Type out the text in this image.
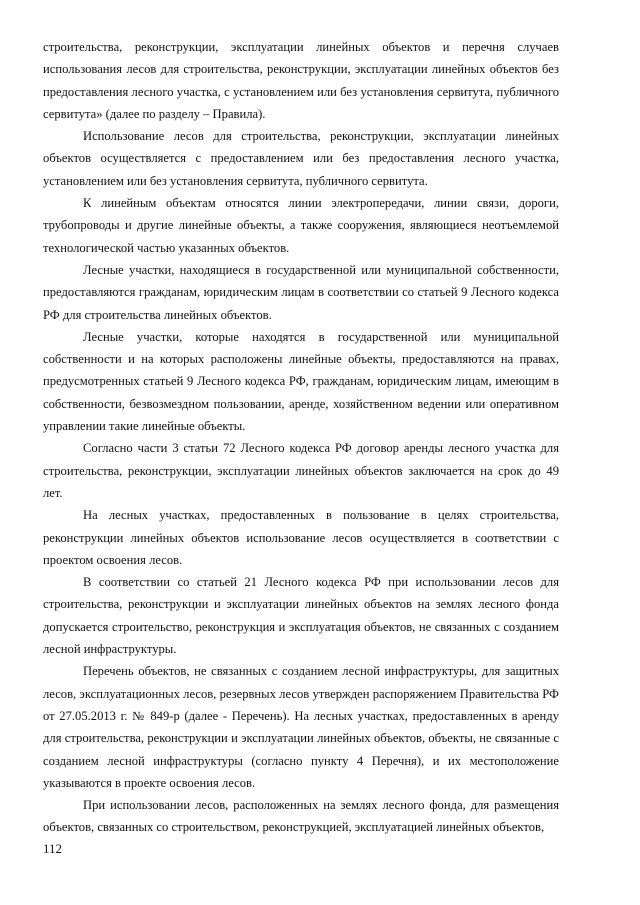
строительства, реконструкции, эксплуатации линейных объектов и перечня случаев использования лесов для строительства, реконструкции, эксплуатации линейных объектов без предоставления лесного участка, с установлением или без установления сервитута, публичного сервитута» (далее по разделу – Правила).

Использование лесов для строительства, реконструкции, эксплуатации линейных объектов осуществляется с предоставлением или без предоставления лесного участка, установлением или без установления сервитута, публичного сервитута.

К линейным объектам относятся линии электропередачи, линии связи, дороги, трубопроводы и другие линейные объекты, а также сооружения, являющиеся неотъемлемой технологической частью указанных объектов.

Лесные участки, находящиеся в государственной или муниципальной собственности, предоставляются гражданам, юридическим лицам в соответствии со статьей 9 Лесного кодекса РФ для строительства линейных объектов.

Лесные участки, которые находятся в государственной или муниципальной собственности и на которых расположены линейные объекты, предоставляются на правах, предусмотренных статьей 9 Лесного кодекса РФ, гражданам, юридическим лицам, имеющим в собственности, безвозмездном пользовании, аренде, хозяйственном ведении или оперативном управлении такие линейные объекты.

Согласно части 3 статьи 72 Лесного кодекса РФ договор аренды лесного участка для строительства, реконструкции, эксплуатации линейных объектов заключается на срок до 49 лет.

На лесных участках, предоставленных в пользование в целях строительства, реконструкции линейных объектов использование лесов осуществляется в соответствии с проектом освоения лесов.

В соответствии со статьей 21 Лесного кодекса РФ при использовании лесов для строительства, реконструкции и эксплуатации линейных объектов на землях лесного фонда допускается строительство, реконструкция и эксплуатация объектов, не связанных с созданием лесной инфраструктуры.

Перечень объектов, не связанных с созданием лесной инфраструктуры, для защитных лесов, эксплуатационных лесов, резервных лесов утвержден распоряжением Правительства РФ от 27.05.2013 г. № 849-р (далее - Перечень). На лесных участках, предоставленных в аренду для строительства, реконструкции и эксплуатации линейных объектов, объекты, не связанные с созданием лесной инфраструктуры (согласно пункту 4 Перечня), и их местоположение указываются в проекте освоения лесов.

При использовании лесов, расположенных на землях лесного фонда, для размещения объектов, связанных со строительством, реконструкцией, эксплуатацией линейных объектов,

112
